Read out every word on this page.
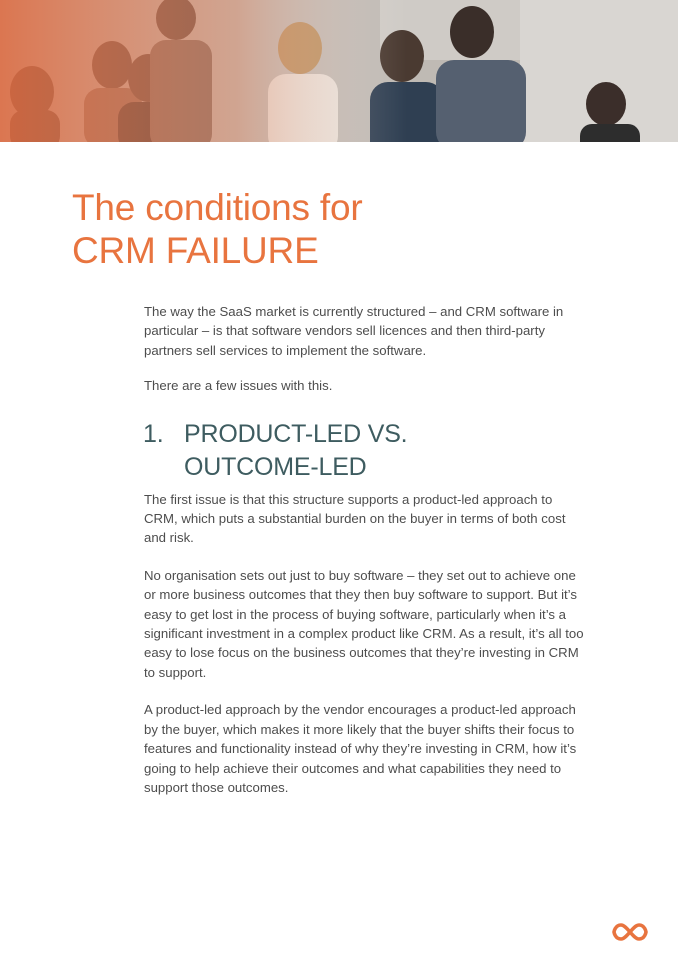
The conditions for
CRM FAILURE

The way the SaaS market is currently structured – and CRM software in particular – is that software vendors sell licences and then third-party partners sell services to implement the software.

There are a few issues with this.

1. PRODUCT-LED VS.
OUTCOME-LED

The first issue is that this structure supports a product-led approach to CRM, which puts a substantial burden on the buyer in terms of both cost and risk.

No organisation sets out just to buy software – they set out to achieve one or more business outcomes that they then buy software to support. But it’s easy to get lost in the process of buying software, particularly when it’s a significant investment in a complex product like CRM. As a result, it’s all too easy to lose focus on the business outcomes that they’re investing in CRM to support.

A product-led approach by the vendor encourages a product-led approach by the buyer, which makes it more likely that the buyer shifts their focus to features and functionality instead of why they’re investing in CRM, how it’s going to help achieve their outcomes and what capabilities they need to support those outcomes.
